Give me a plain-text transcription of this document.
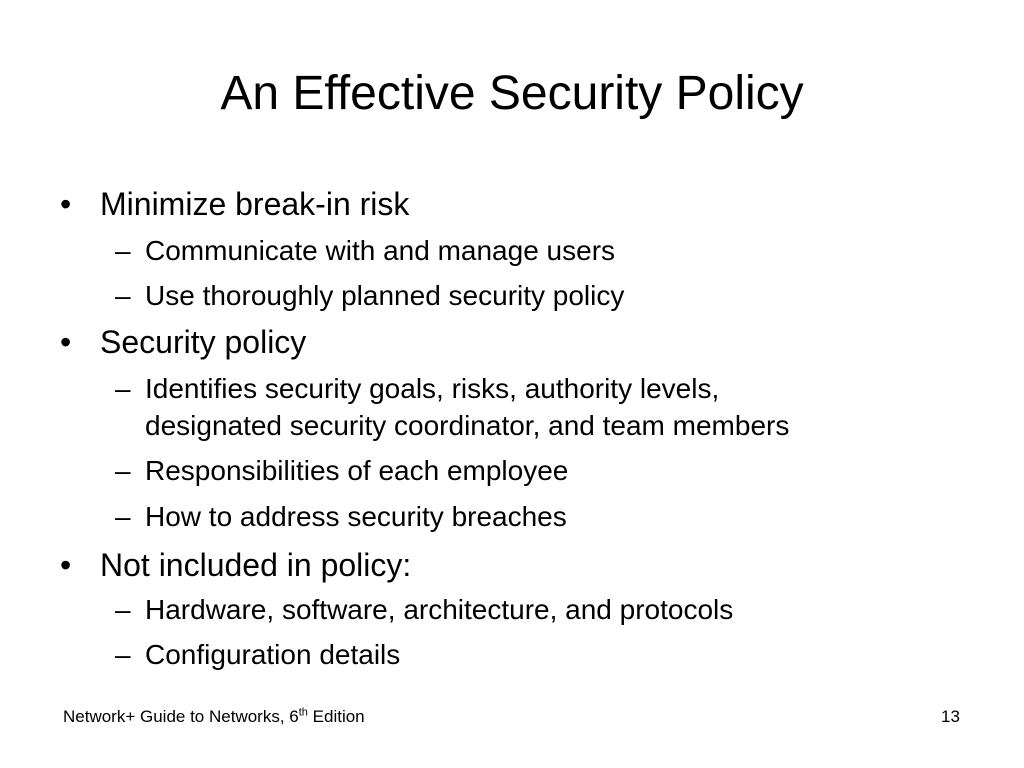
An Effective Security Policy
• Minimize break-in risk
– Communicate with and manage users
– Use thoroughly planned security policy
• Security policy
– Identifies security goals, risks, authority levels,
designated security coordinator, and team members
– Responsibilities of each employee
– How to address security breaches
• Not included in policy:
– Hardware, software, architecture, and protocols
– Configuration details
Network+ Guide to Networks, 6th Edition	13
